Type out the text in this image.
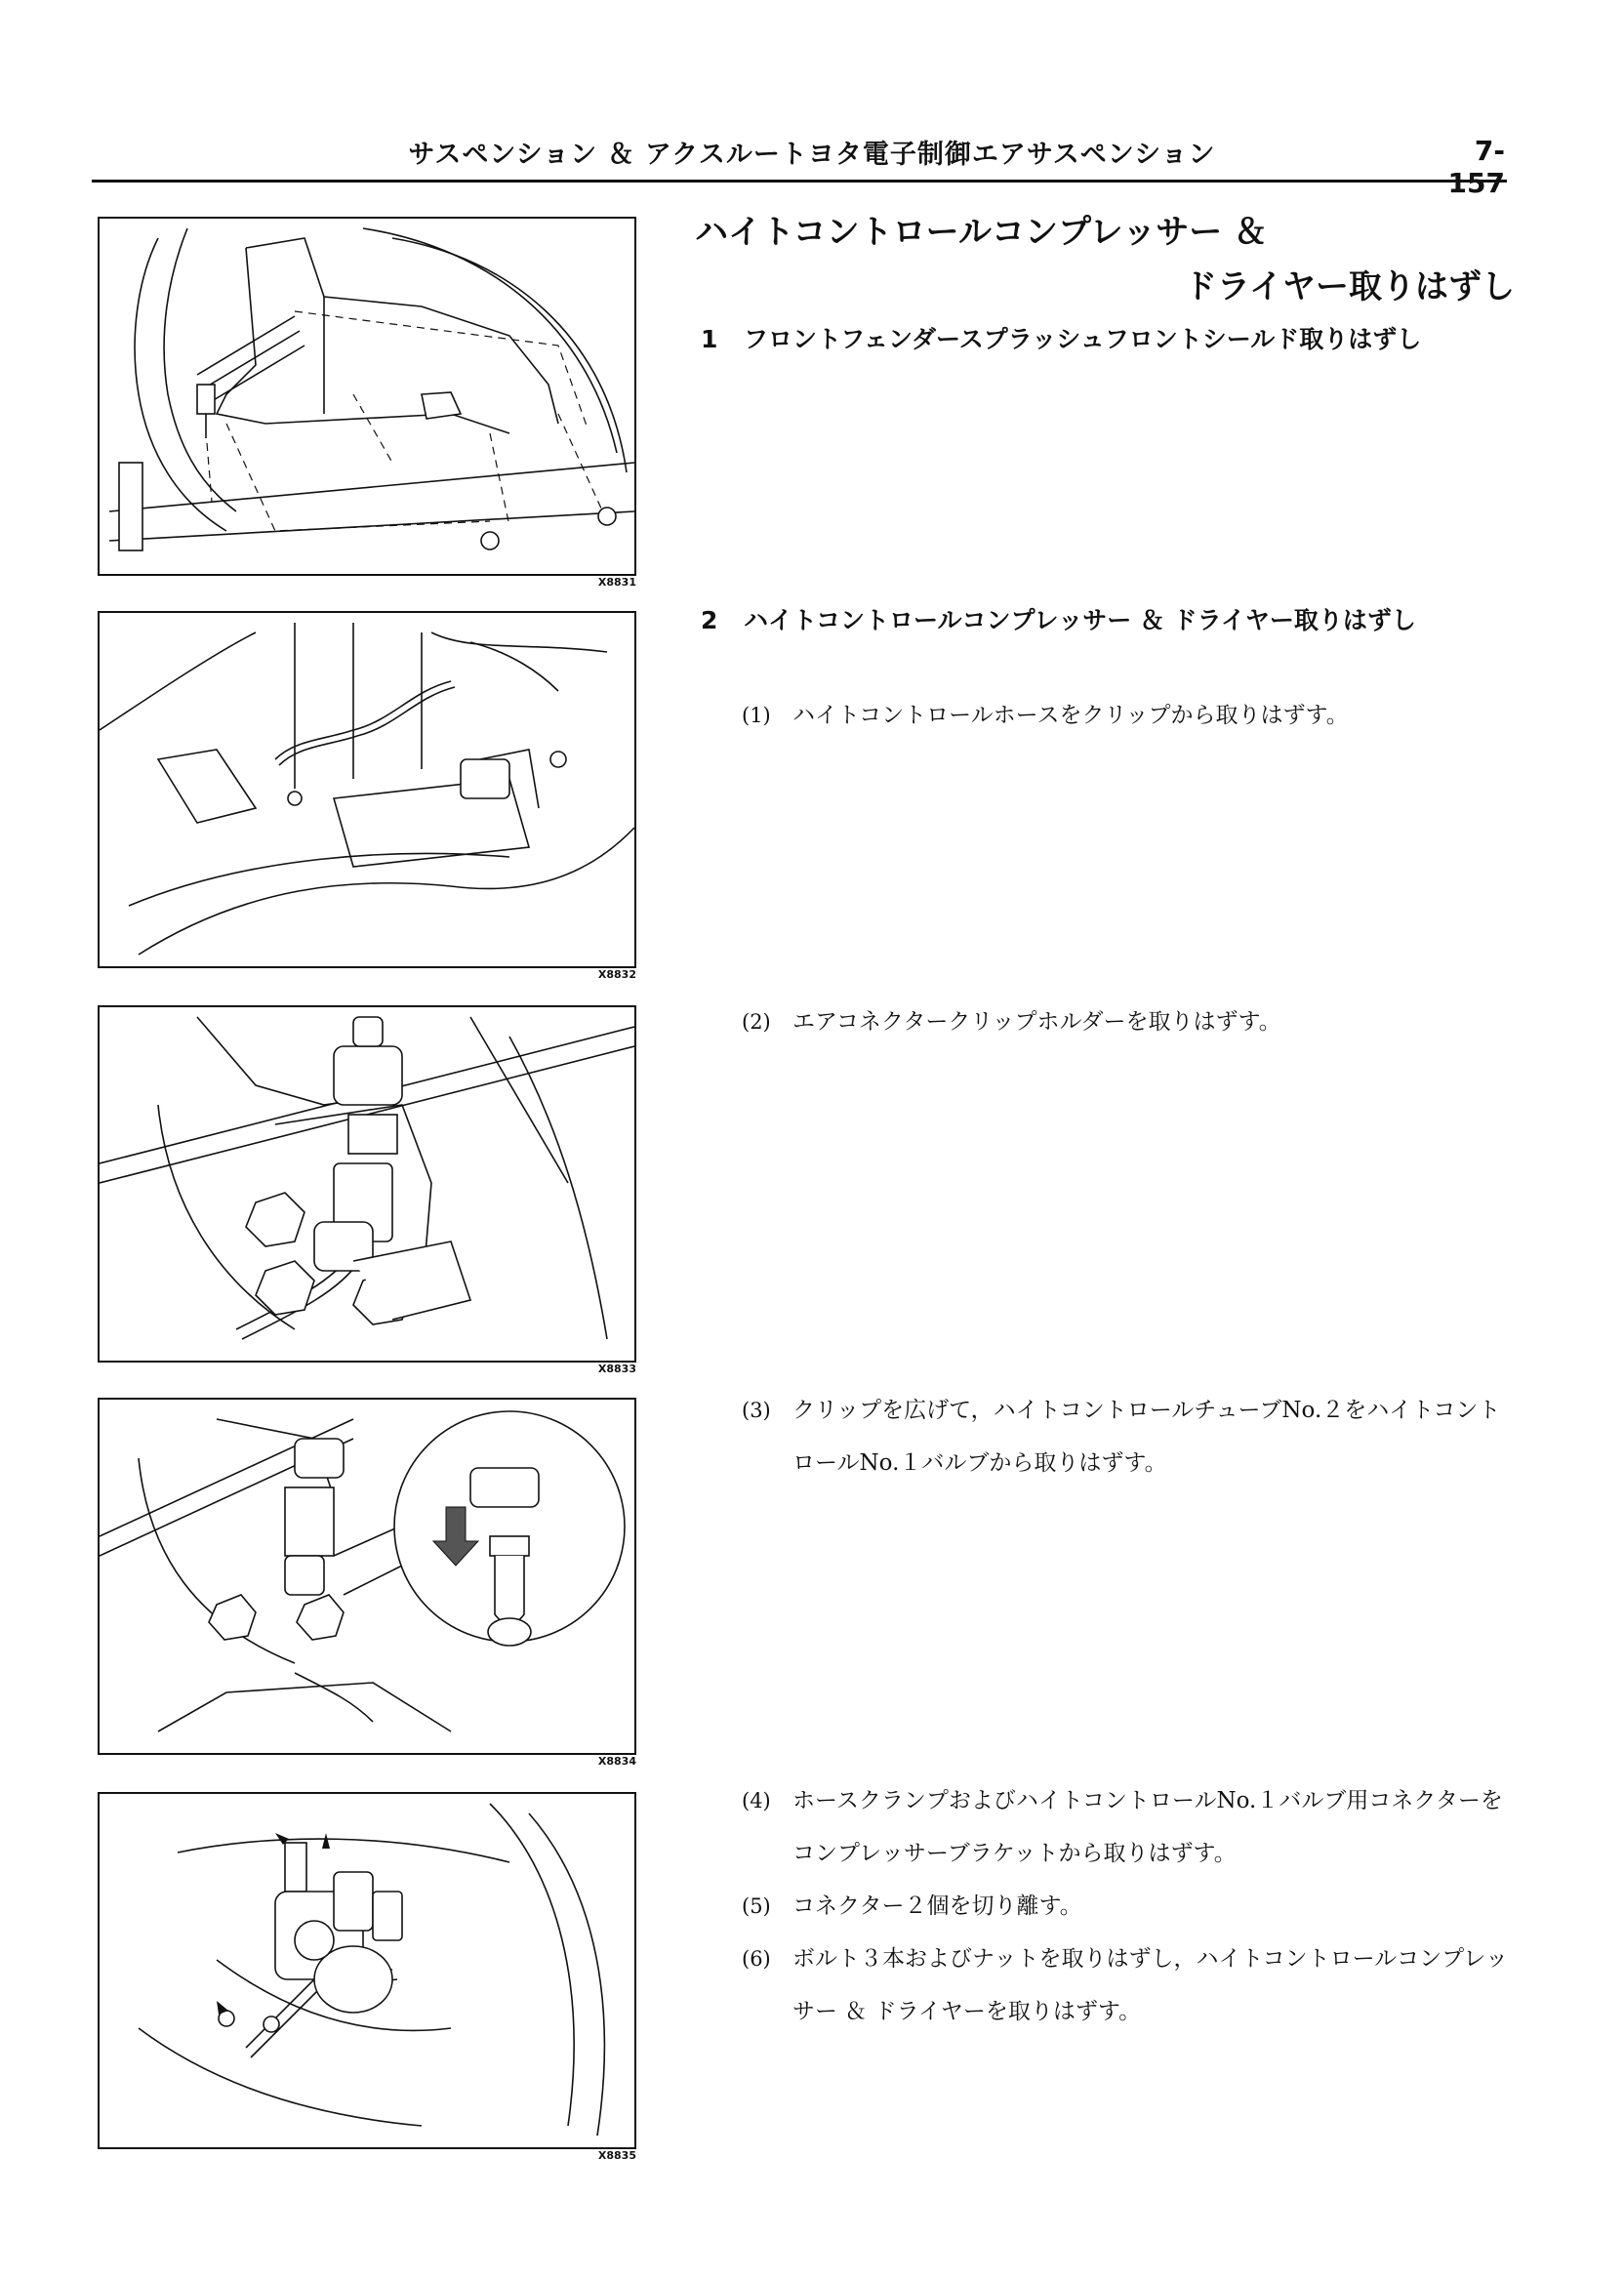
サスペンション ＆ アクスルートヨタ電子制御エアサスペンション	7-157
X8831
X8832
X8833
X8834
X8835
ハイトコントロールコンプレッサー ＆
ドライヤー取りはずし
1 フロントフェンダースプラッシュフロントシールド取りはずし
2 ハイトコントロールコンプレッサー ＆ ドライヤー取りはずし
(1) ハイトコントロールホースをクリップから取りはずす。
(2) エアコネクタークリップホルダーを取りはずす。
(3) クリップを広げて，ハイトコントロールチューブNo.２をハイトコントロールNo.１バルブから取りはずす。
(4) ホースクランプおよびハイトコントロールNo.１バルブ用コネクターをコンプレッサーブラケットから取りはずす。
(5) コネクター２個を切り離す。
(6) ボルト３本およびナットを取りはずし，ハイトコントロールコンプレッサー ＆ ドライヤーを取りはずす。
